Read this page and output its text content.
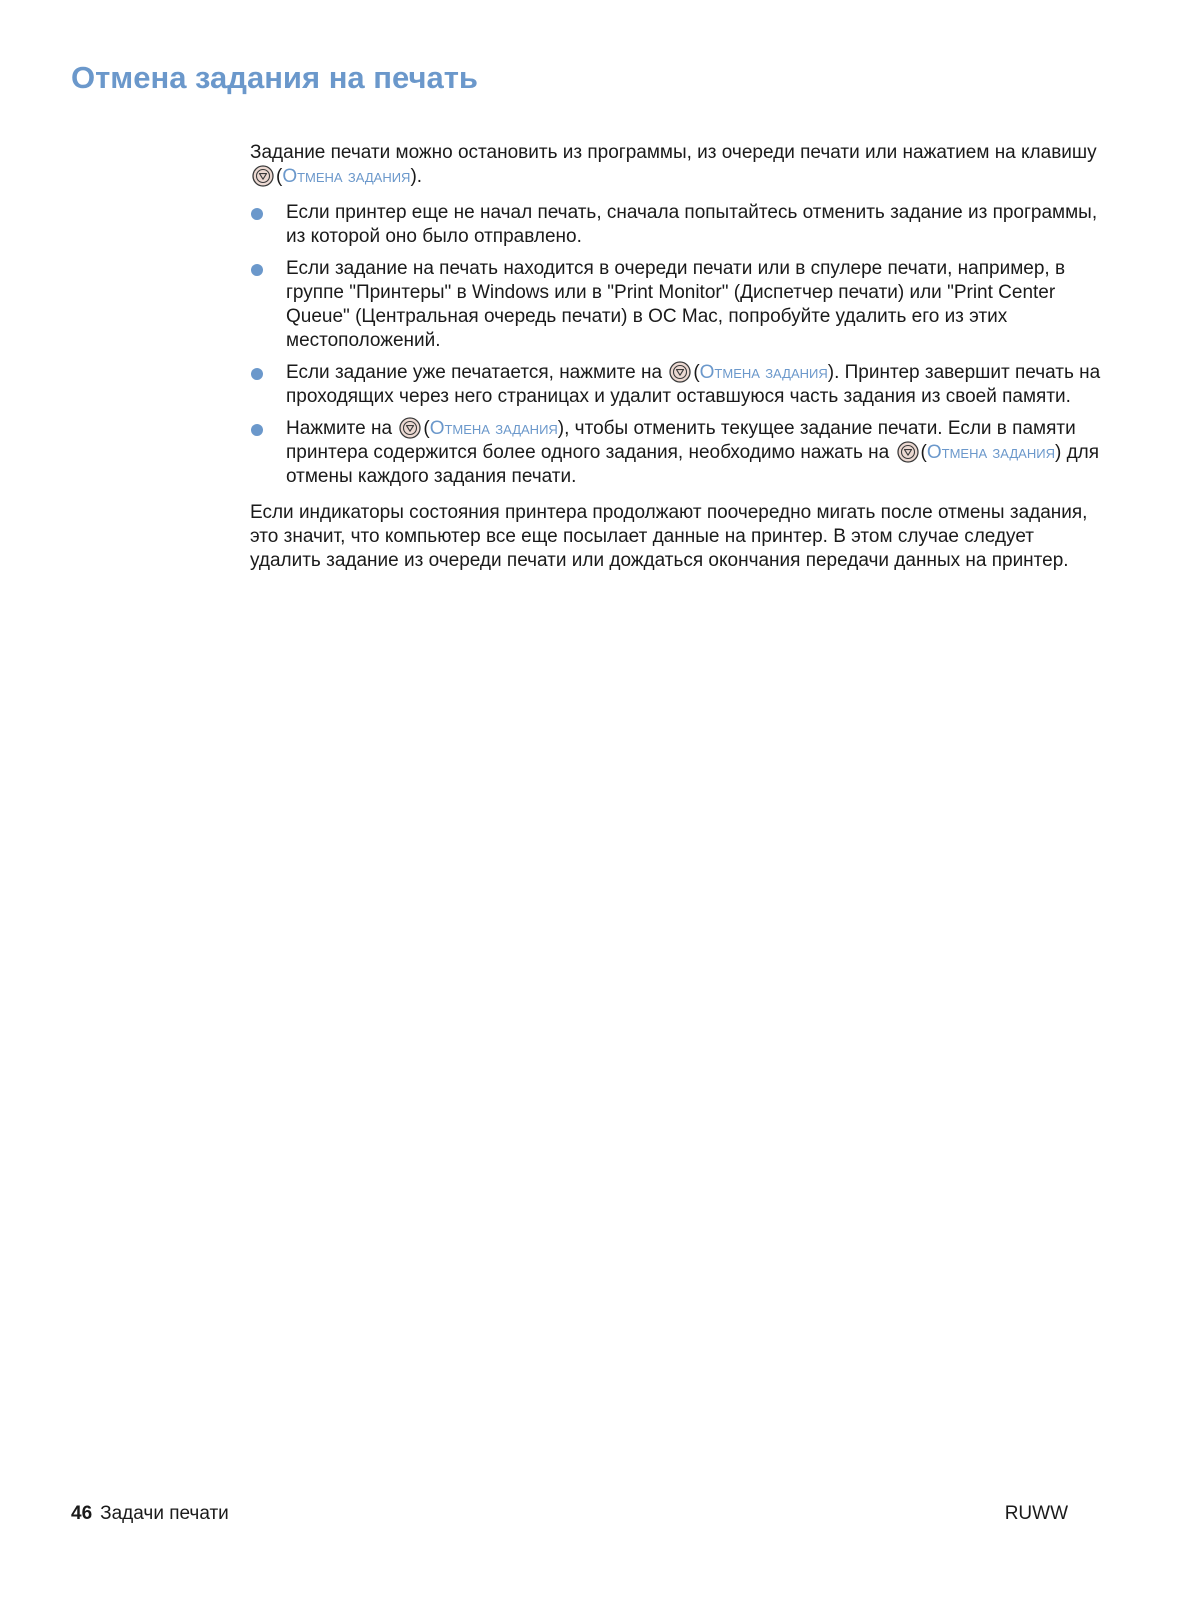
Отмена задания на печать

Задание печати можно остановить из программы, из очереди печати или нажатием на клавишу
(Отмена задания).

Если принтер еще не начал печать, сначала попытайтесь отменить задание из программы, из которой оно было отправлено.
Если задание на печать находится в очереди печати или в спулере печати, например, в группе "Принтеры" в Windows или в "Print Monitor" (Диспетчер печати) или "Print Center Queue" (Центральная очередь печати) в ОС Mac, попробуйте удалить его из этих местоположений.
Если задание уже печатается, нажмите на (Отмена задания). Принтер завершит печать на проходящих через него страницах и удалит оставшуюся часть задания из своей памяти.
Нажмите на (Отмена задания), чтобы отменить текущее задание печати. Если в памяти принтера содержится более одного задания, необходимо нажать на (Отмена задания) для отмены каждого задания печати.

Если индикаторы состояния принтера продолжают поочередно мигать после отмены задания, это значит, что компьютер все еще посылает данные на принтер. В этом случае следует удалить задание из очереди печати или дождаться окончания передачи данных на принтер.

46 Задачи печати	RUWW
